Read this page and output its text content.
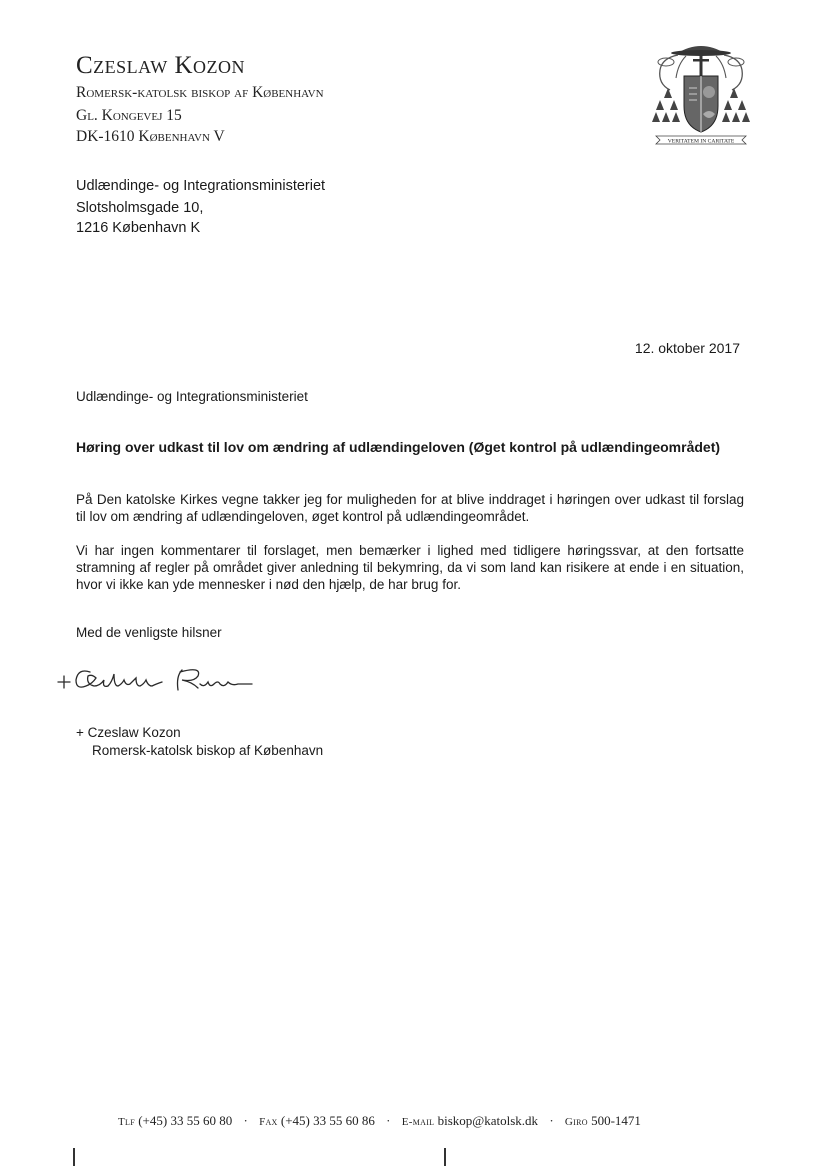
Czeslaw Kozon
Romersk-katolsk biskop af København
Gl. Kongevej 15
DK-1610 København V	VERITATEM IN CARITATE
Udlændinge- og Integrationsministeriet
Slotsholmsgade 10,
1216 København K
12. oktober 2017
Udlændinge- og Integrationsministeriet
Høring over udkast til lov om ændring af udlændingeloven (Øget kontrol på udlændingeområdet)
På Den katolske Kirkes vegne takker jeg for muligheden for at blive inddraget i høringen over udkast til forslag til lov om ændring af udlændingeloven, øget kontrol på udlændingeområdet.
Vi har ingen kommentarer til forslaget, men bemærker i lighed med tidligere høringssvar, at den fortsatte stramning af regler på området giver anledning til bekymring, da vi som land kan risikere at ende i en situation, hvor vi ikke kan yde mennesker i nød den hjælp, de har brug for.
Med de venligste hilsner
+ Czeslaw Kozon
Romersk-katolsk biskop af København
Tlf (+45) 33 55 60 80 · Fax (+45) 33 55 60 86 · E-mail biskop@katolsk.dk · Giro 500-1471
